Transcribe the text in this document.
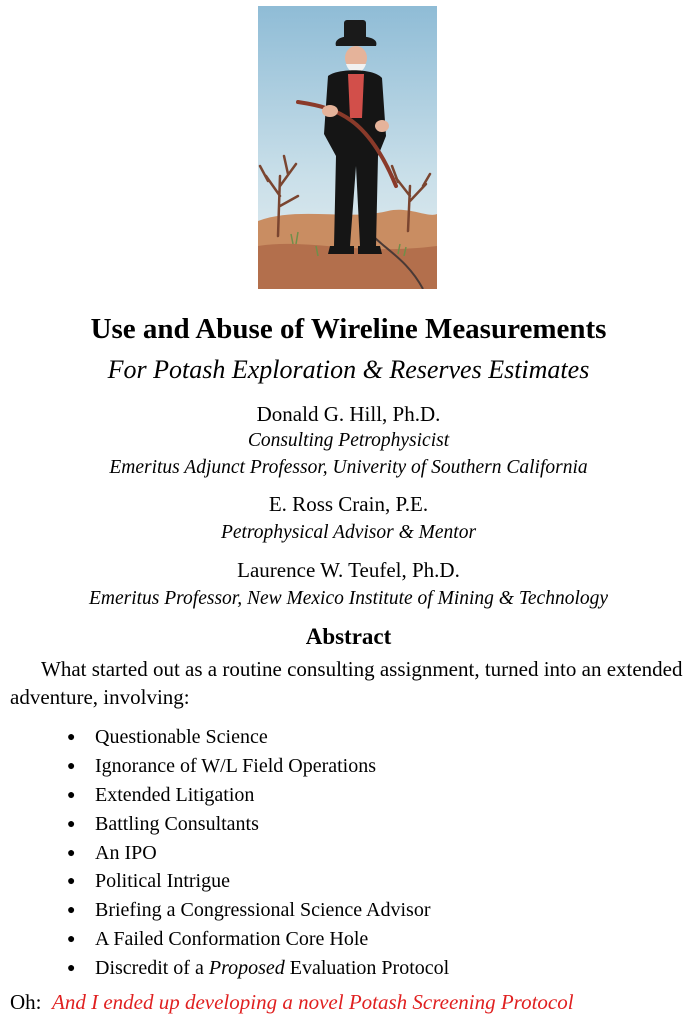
Use and Abuse of Wireline Measurements
For Potash Exploration & Reserves Estimates
Donald G. Hill, Ph.D.
Consulting Petrophysicist
Emeritus Adjunct Professor, Univerity of Southern California
E. Ross Crain, P.E.
Petrophysical Advisor & Mentor
Laurence W. Teufel, Ph.D.
Emeritus Professor, New Mexico Institute of Mining & Technology
Abstract
What started out as a routine consulting assignment, turned into an extended adventure, involving:
● Questionable Science
● Ignorance of W/L Field Operations
● Extended Litigation
● Battling Consultants
● An IPO
● Political Intrigue
● Briefing a Congressional Science Advisor
● A Failed Conformation Core Hole
● Discredit of a Proposed Evaluation Protocol
Oh: And I ended up developing a novel Potash Screening Protocol
